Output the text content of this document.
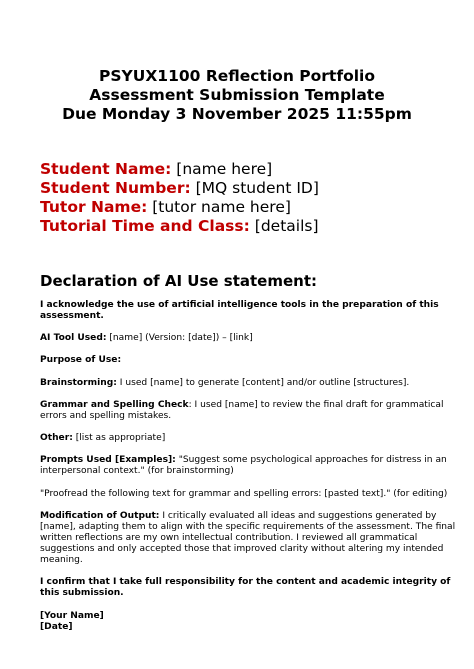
PSYUX1100 Reflection Portfolio
Assessment Submission Template
Due Monday 3 November 2025 11:55pm
Student Name: [name here]
Student Number: [MQ student ID]
Tutor Name: [tutor name here]
Tutorial Time and Class: [details]
Declaration of AI Use statement:

I acknowledge the use of artificial intelligence tools in the preparation of this assessment.

AI Tool Used: [name] (Version: [date]) – [link]

Purpose of Use:

Brainstorming: I used [name] to generate [content] and/or outline [structures].

Grammar and Spelling Check: I used [name] to review the final draft for grammatical errors and spelling mistakes.

Other: [list as appropriate]

Prompts Used [Examples]: "Suggest some psychological approaches for distress in an interpersonal context." (for brainstorming)

"Proofread the following text for grammar and spelling errors: [pasted text]." (for editing)

Modification of Output: I critically evaluated all ideas and suggestions generated by [name], adapting them to align with the specific requirements of the assessment. The final written reflections are my own intellectual contribution. I reviewed all grammatical suggestions and only accepted those that improved clarity without altering my intended meaning.

I confirm that I take full responsibility for the content and academic integrity of this submission.

[Your Name]
[Date]
